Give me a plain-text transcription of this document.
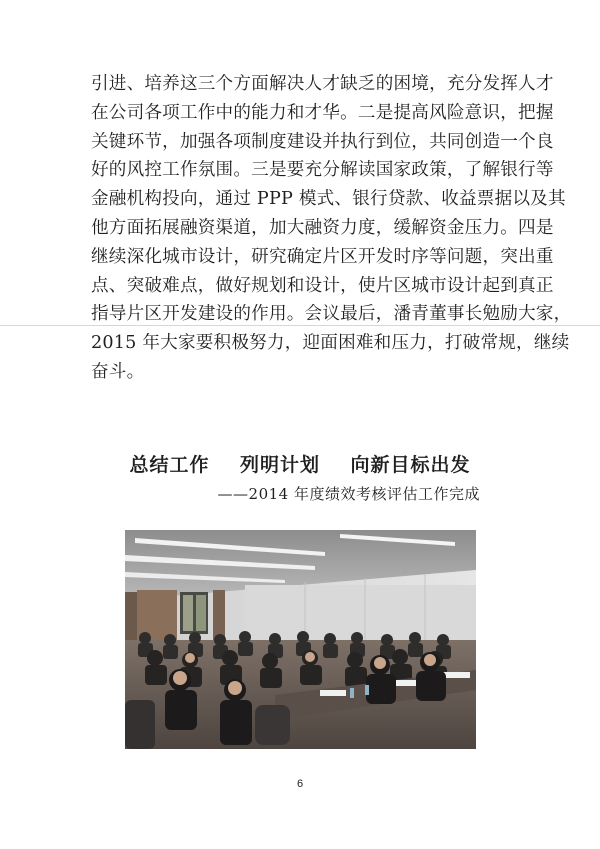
引进、培养这三个方面解决人才缺乏的困境，充分发挥人才
在公司各项工作中的能力和才华。二是提高风险意识，把握
关键环节，加强各项制度建设并执行到位，共同创造一个良
好的风控工作氛围。三是要充分解读国家政策，了解银行等
金融机构投向，通过 PPP 模式、银行贷款、收益票据以及其
他方面拓展融资渠道，加大融资力度，缓解资金压力。四是
继续深化城市设计，研究确定片区开发时序等问题，突出重
点、突破难点，做好规划和设计，使片区城市设计起到真正
指导片区开发建设的作用。会议最后，潘青董事长勉励大家，
2015 年大家要积极努力，迎面困难和压力，打破常规，继续
奋斗。
总结工作    列明计划    向新目标出发
——2014 年度绩效考核评估工作完成
6
